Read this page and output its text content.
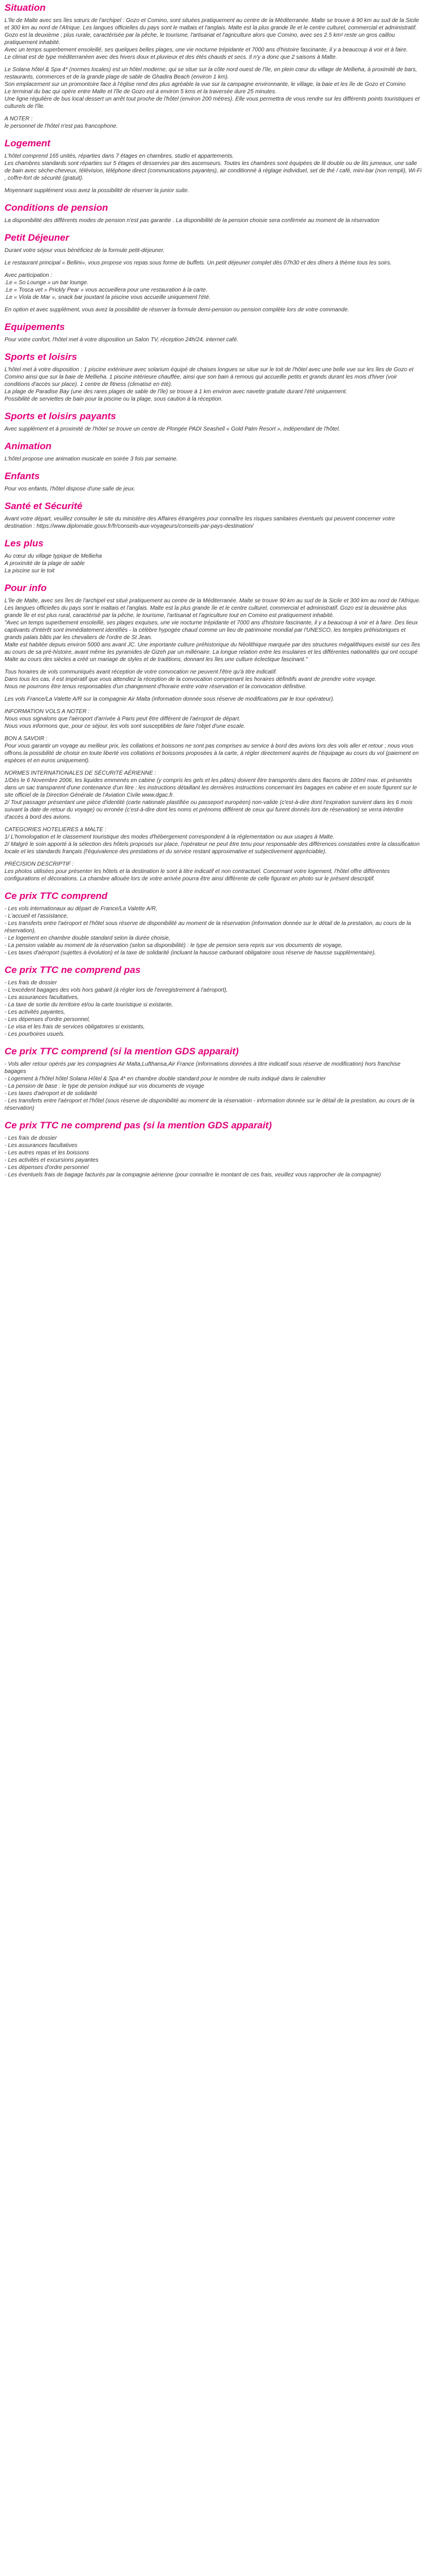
Situation

L'île de Malte avec ses îles sœurs de l'archipel : Gozo et Comino, sont situées pratiquement au centre de la Méditerranée. Malte se trouve à 90 km au sud de la Sicile et 300 km au nord de l'Afrique. Les langues officielles du pays sont le maltais et l'anglais. Malte est la plus grande île et le centre culturel, commercial et administratif. Gozo est la deuxième ; plus rurale, caractérisée par la pêche, le tourisme, l'artisanat et l'agriculture alors que Comino, avec ses 2.5 km² reste un gros caillou pratiquement inhabité.
Avec un temps superbement ensoleillé, ses quelques belles plages, une vie nocturne trépidante et 7000 ans d'histoire fascinante, il y a beaucoup à voir et à faire.
Le climat est de type méditerranéen avec des hivers doux et pluvieux et des étés chauds et secs. Il n'y a donc que 2 saisons à Malte.

Le Solana hôtel & Spa 4* (normes locales) est un hôtel moderne, qui se situe sur la côte nord ouest de l'île, en plein cœur du village de Mellieha, à proximité de bars, restaurants, commerces et de la grande plage de sable de Ghadira Beach (environ 1 km).
Son emplacement sur un promontoire face à l'église rend des plus agréable la vue sur la campagne environnante, le village, la baie et les île de Gozo et Comino
Le terminal du bac qui opère entre Malte et l'île de Gozo est à environ 5 kms et la traversée dure 25 minutes.
Une ligne régulière de bus local dessert un arrêt tout proche de l'hôtel (environ 200 mètres). Elle vous permettra de vous rendre sur les différents points touristiques et culturels de l'île.

A NOTER :
le personnel de l'hôtel n'est pas francophone.

Logement

L'hôtel comprend 165 unités, réparties dans 7 étages en chambres, studio et appartements.
Les chambres standards sont réparties sur 5 étages et desservies par des ascenseurs. Toutes les chambres sont équipées de lit double ou de lits jumeaux, une salle de bain avec sèche-cheveux, télévision, téléphone direct (communications payantes), air conditionné à réglage individuel, set de thé / café, mini-bar (non rempli), Wi-Fi , coffre-fort de sécurité (gratuit).

Moyennant supplément vous avez la possibilité de réserver la junior suite.

Conditions de pension

La disponibilité des différents modes de pension n'est pas garantie . La disponibilité de la pension choisie sera confirmée au moment de la réservation

Petit Déjeuner

Durant votre séjour vous bénéficiez de la formule petit-déjeuner.

Le restaurant principal « Bellini», vous propose vos repas sous forme de buffets. Un petit déjeuner complet dès 07h30 et des dîners à thème tous les soirs.

Avec participation :
.Le « So Lounge » un bar lounge.
.Le « Tosca vet » Prickly Pear » vous accueillera pour une restauration à la carte.
.Le « Viola de Mar », snack bar jouxtant la piscine vous accueille uniquement l'été.

En option et avec supplément, vous avez la possibilité de réserver la formule demi-pension ou pension complète lors de votre commande.

Equipements

Pour votre confort, l'hôtel met à votre disposition un Salon TV, réception 24h/24, internet café.

Sports et loisirs

L'hôtel met à votre disposition : 1 piscine extérieure avec solarium équipé de chaises longues se situe sur le toit de l'hôtel avec une belle vue sur les îles de Gozo et Comino ainsi que sur la baie de Mellieha. 1 piscine intérieure chauffée, ainsi que son bain à remous qui accueille petits et grands durant les mois d'hiver (voir conditions d'accès sur place). 1 centre de fitness (climatisé en été).
La plage de Paradise Bay (une des rares plages de sable de l'île) se trouve à 1 km environ avec navette gratuite durant l'été uniquement.
Possibilité de serviettes de bain pour la piscine ou la plage, sous caution à la réception.

Sports et loisirs payants

Avec supplément et à proximité de l'hôtel se trouve un centre de Plongée PADI Seashell « Gold Palm Resort », indépendant de l'hôtel.

Animation

L'hôtel propose une animation musicale en soirée 3 fois par semaine.

Enfants

Pour vos enfants, l'hôtel dispose d'une salle de jeux.

Santé et Sécurité

Avant votre départ, veuillez consulter le site du ministère des Affaires étrangères pour connaître les risques sanitaires éventuels qui peuvent concerner votre destination : https://www.diplomatie.gouv.fr/fr/conseils-aux-voyageurs/conseils-par-pays-destination/

Les plus

Au cœur du village typique de Mellieha
A proximité de la plage de sable
La piscine sur le toit

Pour info

L'île de Malte, avec ses îles de l'archipel est situé pratiquement au centre de la Méditerranée. Malte se trouve 90 km au sud de la Sicile et 300 km au nord de l'Afrique. Les langues officielles du pays sont le maltais et l'anglais. Malte est la plus grande île et le centre culturel, commercial et administratif. Gozo est la deuxième plus grande île et est plus rural, caractérisé par la pêche, le tourisme, l'artisanat et l'agriculture tout en Comino est pratiquement inhabité.
"Avec un temps superbement ensoleillé, ses plages exquises, une vie nocturne trépidante et 7000 ans d'histoire fascinante, il y a beaucoup à voir et à faire. Des lieux captivants d'intérêt sont immédiatement identifiés - la célèbre hypogée chaud comme un lieu de patrimoine mondial par l'UNESCO, les temples préhistoriques et grands palais bâtis par les chevaliers de l'ordre de St Jean.
Malte est habitée depuis environ 5000 ans avant JC. Une importante culture préhistorique du Néolithique marquée par des structures mégalithiques existé sur ces îles au cours de sa pré-histoire, avant même les pyramides de Gizeh par un millénaire. La longue relation entre les insulaires et les différentes nationalités qui ont occupé Malte au cours des siècles a créé un mariage de styles et de traditions, donnant les îles une culture éclectique fascinant."

Tous horaires de vols communiqués avant réception de votre convocation ne peuvent l'être qu'à titre indicatif.
Dans tous les cas, il est impératif que vous attendiez la réception de la convocation comprenant les horaires définitifs avant de prendre votre voyage.
Nous ne pourrons être tenus responsables d'un changement d'horaire entre votre réservation et la convocation définitive.

Les vols France/La Valette A/R sur la compagnie Air Malta (information donnée sous réserve de modifications par le tour opérateur).

INFORMATION VOLS A NOTER :
Nous vous signalons que l'aéroport d'arrivée à Paris peut être différent de l'aéroport de départ.
Nous vous informons que, pour ce séjour, les vols sont susceptibles de faire l'objet d'une escale.

BON A SAVOIR :
Pour vous garantir un voyage au meilleur prix, les collations et boissons ne sont pas comprises au service à bord des avions lors des vols aller et retour ; nous vous offrons la possibilité de choisir en toute liberté vos collations et boissons proposées à la carte, à régler directement auprès de l'équipage au cours du vol (paiement en espèces et en euros uniquement).

NORMES INTERNATIONALES DE SÉCURITÉ AÉRIENNE :
1/Dès le 6 Novembre 2006, les liquides emmenés en cabine (y compris les gels et les pâtes) doivent être transportés dans des flacons de 100ml max. et présentés dans un sac transparent d'une contenance d'un litre : les instructions détaillant les dernières instructions concernant les bagages en cabine et en soute figurent sur le site officiel de la Direction Générale de l'Aviation Civile www.dgac.fr.
2/ Tout passager présentant une pièce d'identité (carte nationale plastifiée ou passeport européen) non-valide (c'est-à-dire dont l'expiration survient dans les 6 mois suivant la date de retour du voyage) ou erronée (c'est-à-dire dont les noms et prénoms différent de ceux qui furent donnés lors de réservation) se verra interdire d'accès à bord des avions.

CATEGORIES HOTELIERES à MALTE :
1/ L'homologation et le classement touristique des modes d'hébergement correspondent à la réglementation ou aux usages à Malte.
2/ Malgré le soin apporté à la sélection des hôtels proposés sur place, l'opérateur ne peut être tenu pour responsable des différences constatées entre la classification locale et les standards français (l'équivalence des prestations et du service restant approximative et subjectivement appréciable).

PRÉCISION DESCRIPTIF :
Les photos utilisées pour présenter les hôtels et la destination le sont à titre indicatif et non contractuel. Concernant votre logement, l'hôtel offre différentes configurations et décorations. La chambre allouée lors de votre arrivée pourra être ainsi différente de celle figurant en photo sur le présent descriptif.

Ce prix TTC comprend
- Les vols internationaux au départ de France/La Valette A/R,
- L'accueil et l'assistance,
- Les transferts entre l'aéroport et l'hôtel sous réserve de disponibilité au moment de la réservation (information donnée sur le détail de la prestation, au cours de la réservation),
- Le logement en chambre double standard selon la durée choisie,
- La pension valable au moment de la réservation (selon sa disponibilité) : le type de pension sera repris sur vos documents de voyage,
- Les taxes d'aéroport (sujettes à évolution) et la taxe de solidarité (incluant la hausse carburant obligatoire sous réserve de hausse supplémentaire).
Ce prix TTC ne comprend pas
- Les frais de dossier
- L'excédent bagages des vols hors gabarit (à régler lors de l'enregistrement à l'aéroport),
- Les assurances facultatives,
- La taxe de sortie du territoire et/ou la carte touristique si existante,
- Les activités payantes,
- Les dépenses d'ordre personnel,
- Le visa et les frais de services obligatoires si existants,
- Les pourboires usuels.
Ce prix TTC comprend (si la mention GDS apparait)
- Vols aller retour opérés par les compagnies Air Malta,Lufthansa,Air France (informations données à titre indicatif sous réserve de modification) hors franchise bagages
- Logement à l'hôtel hôtel Solana Hôtel & Spa 4* en chambre double standard pour le nombre de nuits indiqué dans le calendrier
- La pension de base : le type de pension indiqué sur vos documents de voyage
- Les taxes d'aéroport et de solidarité
- Les transferts entre l'aéroport et l'hôtel (sous réserve de disponibilité au moment de la réservation - information donnée sur le détail de la prestation, au cours de la réservation)
Ce prix TTC ne comprend pas (si la mention GDS apparait)
- Les frais de dossier
- Les assurances facultatives
- Les autres repas et les boissons
- Les activités et excursions payantes
- Les dépenses d'ordre personnel
- Les éventuels frais de bagage facturés par la compagnie aérienne (pour connaître le montant de ces frais, veuillez vous rapprocher de la compagnie)
